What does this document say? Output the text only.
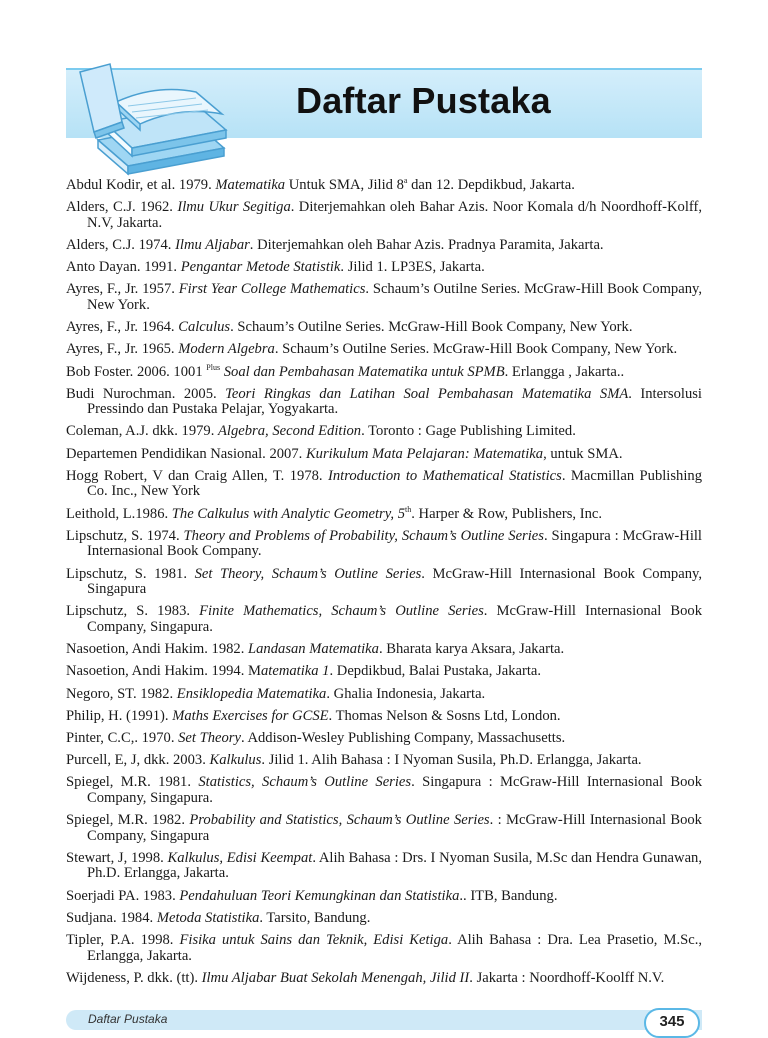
Daftar Pustaka
Abdul Kodir, et al. 1979. Matematika Untuk SMA, Jilid 8$^a$ dan 12. Depdikbud, Jakarta.
Alders, C.J. 1962. Ilmu Ukur Segitiga. Diterjemahkan oleh Bahar Azis. Noor Komala d/h Noordhoff-Kolff, N.V, Jakarta.
Alders, C.J. 1974. Ilmu Aljabar. Diterjemahkan oleh Bahar Azis. Pradnya Paramita, Jakarta.
Anto Dayan. 1991. Pengantar Metode Statistik. Jilid 1. LP3ES, Jakarta.
Ayres, F., Jr. 1957. First Year College Mathematics. Schaum’s Outilne Series. McGraw-Hill Book Company, New York.
Ayres, F., Jr. 1964. Calculus. Schaum’s Outilne Series. McGraw-Hill Book Company, New York.
Ayres, F., Jr. 1965. Modern Algebra. Schaum’s Outilne Series. McGraw-Hill Book Company, New York.
Bob Foster. 2006. 1001 $^{Plus}$ Soal dan Pembahasan Matematika untuk SPMB. Erlangga , Jakarta..
Budi Nurochman. 2005. Teori Ringkas dan Latihan Soal Pembahasan Matematika SMA. Intersolusi Pressindo dan Pustaka Pelajar, Yogyakarta.
Coleman, A.J. dkk. 1979. Algebra, Second Edition. Toronto : Gage Publishing Limited.
Departemen Pendidikan Nasional. 2007. Kurikulum Mata Pelajaran: Matematika, untuk SMA.
Hogg Robert, V dan Craig Allen, T. 1978. Introduction to Mathematical Statistics. Macmillan Publishing Co. Inc., New York
Leithold, L.1986. The Calkulus with Analytic Geometry, 5th. Harper & Row, Publishers, Inc.
Lipschutz, S. 1974. Theory and Problems of Probability, Schaum’s Outline Series. Singapura : McGraw-Hill Internasional Book Company.
Lipschutz, S. 1981. Set Theory, Schaum’s Outline Series. McGraw-Hill Internasional Book Company, Singapura
Lipschutz, S. 1983. Finite Mathematics, Schaum’s Outline Series. McGraw-Hill Internasional Book Company, Singapura.
Nasoetion, Andi Hakim. 1982. Landasan Matematika. Bharata karya Aksara, Jakarta.
Nasoetion, Andi Hakim. 1994. Matematika 1. Depdikbud, Balai Pustaka, Jakarta.
Negoro, ST. 1982. Ensiklopedia Matematika. Ghalia Indonesia, Jakarta.
Philip, H. (1991). Maths Exercises for GCSE. Thomas Nelson & Sosns Ltd, London.
Pinter, C.C,. 1970. Set Theory. Addison-Wesley Publishing Company, Massachusetts.
Purcell, E, J, dkk. 2003. Kalkulus. Jilid 1. Alih Bahasa : I Nyoman Susila, Ph.D. Erlangga, Jakarta.
Spiegel, M.R. 1981. Statistics, Schaum’s Outline Series. Singapura : McGraw-Hill Internasional Book Company, Singapura.
Spiegel, M.R. 1982. Probability and Statistics, Schaum’s Outline Series. : McGraw-Hill Internasional Book Company, Singapura
Stewart, J, 1998. Kalkulus, Edisi Keempat. Alih Bahasa : Drs. I Nyoman Susila, M.Sc dan Hendra Gunawan, Ph.D. Erlangga, Jakarta.
Soerjadi PA. 1983. Pendahuluan Teori Kemungkinan dan Statistika.. ITB, Bandung.
Sudjana. 1984. Metoda Statistika. Tarsito, Bandung.
Tipler, P.A. 1998. Fisika untuk Sains dan Teknik, Edisi Ketiga. Alih Bahasa : Dra. Lea Prasetio, M.Sc., Erlangga, Jakarta.
Wijdeness, P. dkk. (tt). Ilmu Aljabar Buat Sekolah Menengah, Jilid II. Jakarta : Noordhoff-Koolff N.V.
Daftar Pustaka	345
